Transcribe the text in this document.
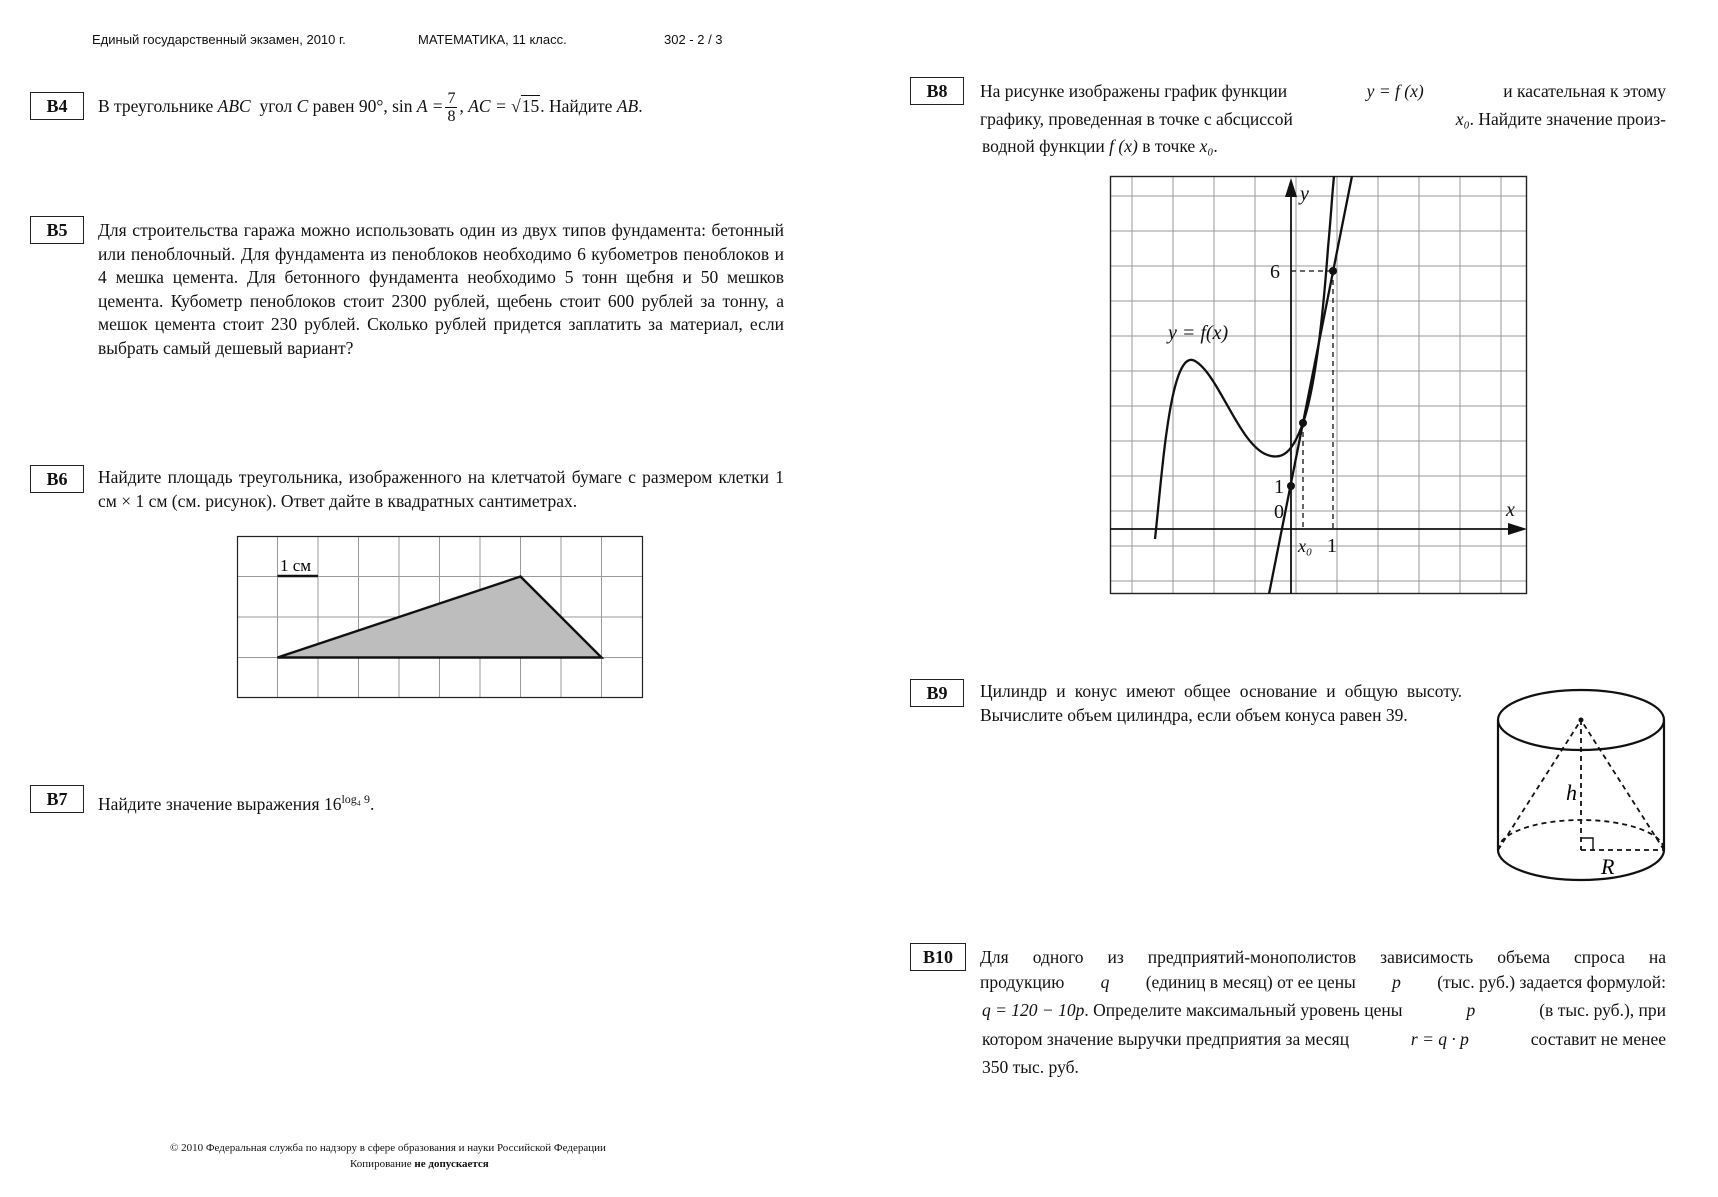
Единый государственный экзамен, 2010 г.	МАТЕМАТИКА, 11 класс.	302 - 2 / 3
B4	В треугольнике ABC угол C равен 90°, $\sin A = \frac{7}{8}$ , AC = √15. Найдите AB.
B5	Для строительства гаража можно использовать один из двух типов фундамента: бетонный или пеноблочный. Для фундамента из пеноблоков необходимо 6 кубометров пеноблоков и 4 мешка цемента. Для бетонного фундамента необходимо 5 тонн щебня и 50 мешков цемента. Кубометр пеноблоков стоит 2300 рублей, щебень стоит 600 рублей за тонну, а мешок цемента стоит 230 рублей. Сколько рублей придется заплатить за материал, если выбрать самый дешевый вариант?
B6	Найдите площадь треугольника, изображенного на клетчатой бумаге с размером клетки 1 см × 1 см (см. рисунок). Ответ дайте в квадратных сантиметрах.
1 см
B7	Найдите значение выражения $16^{log_4 9}$.
B8	На рисунке изображены график функции	y = f (x)	и касательная к этому
графику, проведенная в точке с абсциссой	x₀. Найдите значение произ-
водной функции f (x) в точке x₀.
y
x
y = f(x)
6
1
0
x₀ 1
B9	Цилиндр и конус имеют общее основание и общую высоту. Вычислите объем цилиндра, если объем конуса равен 39.
h
R
B10	Для одного из предприятий-монополистов зависимость объема спроса на
продукцию q (единиц в месяц) от ее цены p (тыс. руб.) задается формулой:
q = 120 − 10p. Определите максимальный уровень цены	p	(в тыс. руб.), при
котором значение выручки предприятия за месяц	r = q · p	составит не менее
350 тыс. руб.
© 2010 Федеральная служба по надзору в сфере образования и науки Российской Федерации
Копирование не допускается
